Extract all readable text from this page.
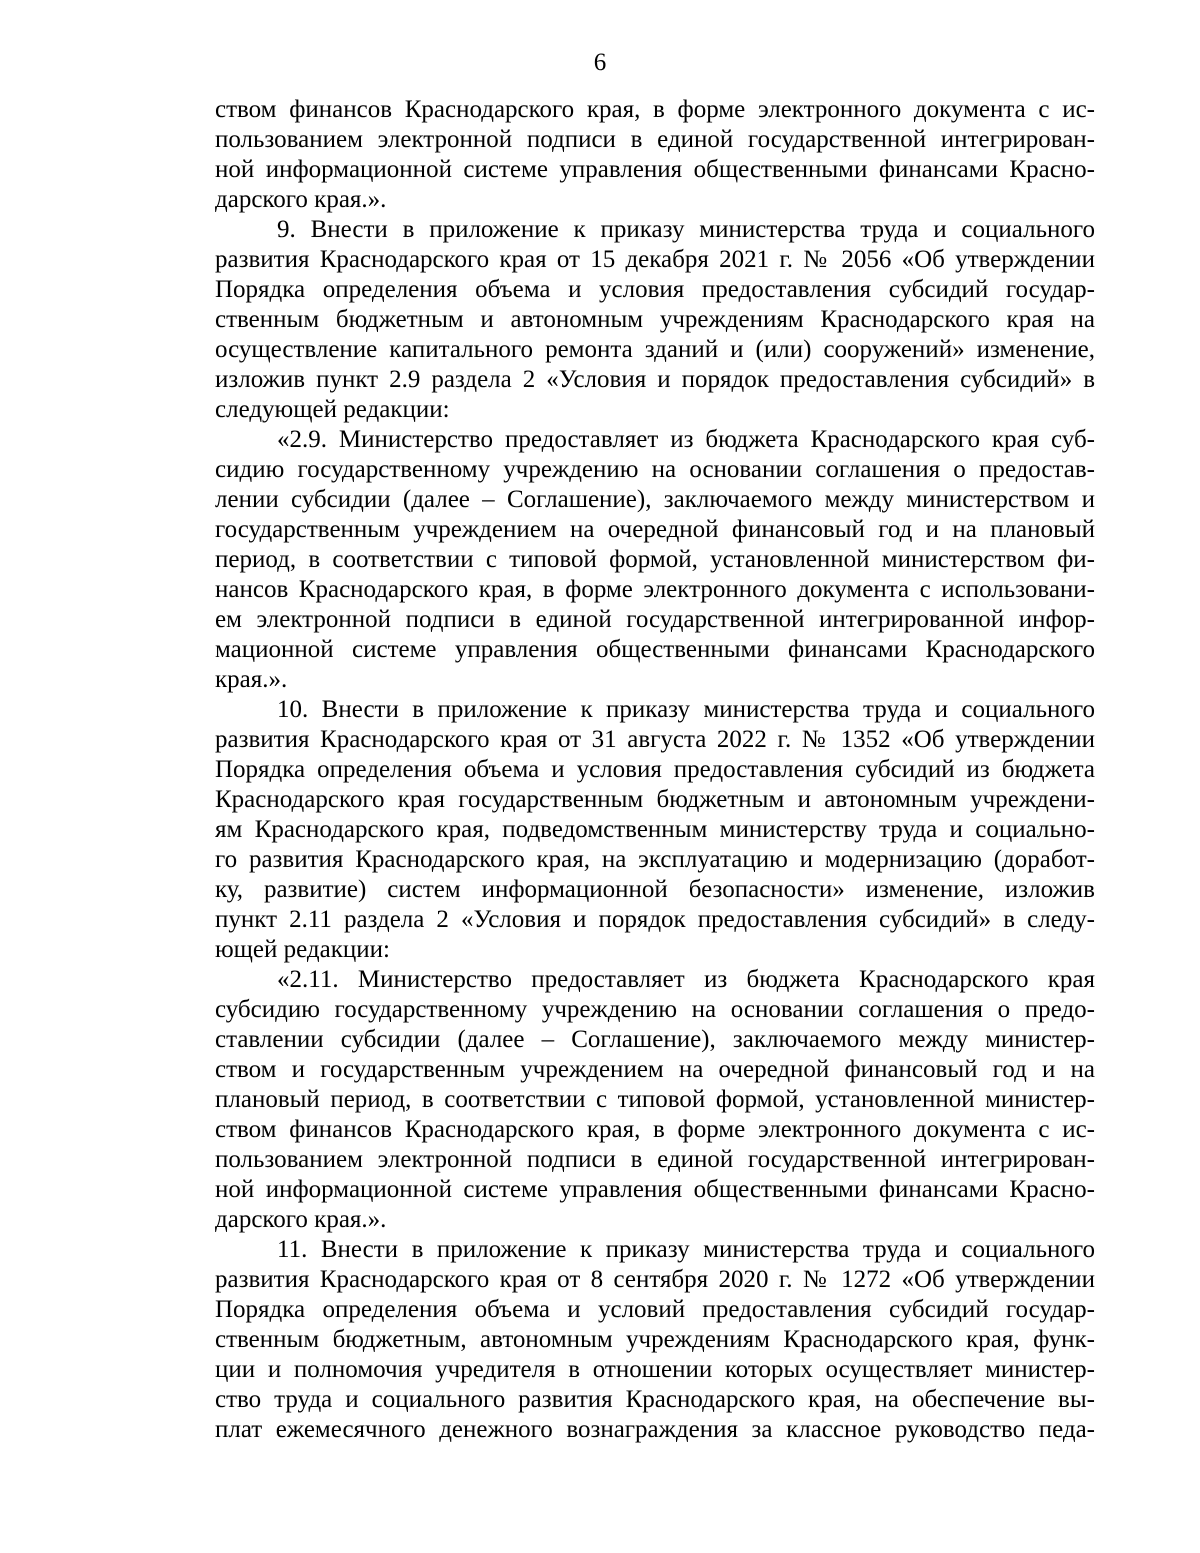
6
ством финансов Краснодарского края, в форме электронного документа с ис-
пользованием электронной подписи в единой государственной интегрирован-
ной информационной системе управления общественными финансами Красно-
дарского края.».
9. Внести в приложение к приказу министерства труда и социального
развития Краснодарского края от 15 декабря 2021 г. № 2056 «Об утверждении
Порядка определения объема и условия предоставления субсидий государ-
ственным бюджетным и автономным учреждениям Краснодарского края на
осуществление капитального ремонта зданий и (или) сооружений» изменение,
изложив пункт 2.9 раздела 2 «Условия и порядок предоставления субсидий» в
следующей редакции:
«2.9. Министерство предоставляет из бюджета Краснодарского края суб-
сидию государственному учреждению на основании соглашения о предостав-
лении субсидии (далее – Соглашение), заключаемого между министерством и
государственным учреждением на очередной финансовый год и на плановый
период, в соответствии с типовой формой, установленной министерством фи-
нансов Краснодарского края, в форме электронного документа с использовани-
ем электронной подписи в единой государственной интегрированной инфор-
мационной системе управления общественными финансами Краснодарского
края.».
10. Внести в приложение к приказу министерства труда и социального
развития Краснодарского края от 31 августа 2022 г. № 1352 «Об утверждении
Порядка определения объема и условия предоставления субсидий из бюджета
Краснодарского края государственным бюджетным и автономным учреждени-
ям Краснодарского края, подведомственным министерству труда и социально-
го развития Краснодарского края, на эксплуатацию и модернизацию (доработ-
ку, развитие) систем информационной безопасности» изменение, изложив
пункт 2.11 раздела 2 «Условия и порядок предоставления субсидий» в следу-
ющей редакции:
«2.11. Министерство предоставляет из бюджета Краснодарского края
субсидию государственному учреждению на основании соглашения о предо-
ставлении субсидии (далее – Соглашение), заключаемого между министер-
ством и государственным учреждением на очередной финансовый год и на
плановый период, в соответствии с типовой формой, установленной министер-
ством финансов Краснодарского края, в форме электронного документа с ис-
пользованием электронной подписи в единой государственной интегрирован-
ной информационной системе управления общественными финансами Красно-
дарского края.».
11. Внести в приложение к приказу министерства труда и социального
развития Краснодарского края от 8 сентября 2020 г. № 1272 «Об утверждении
Порядка определения объема и условий предоставления субсидий государ-
ственным бюджетным, автономным учреждениям Краснодарского края, функ-
ции и полномочия учредителя в отношении которых осуществляет министер-
ство труда и социального развития Краснодарского края, на обеспечение вы-
плат ежемесячного денежного вознаграждения за классное руководство педа-
